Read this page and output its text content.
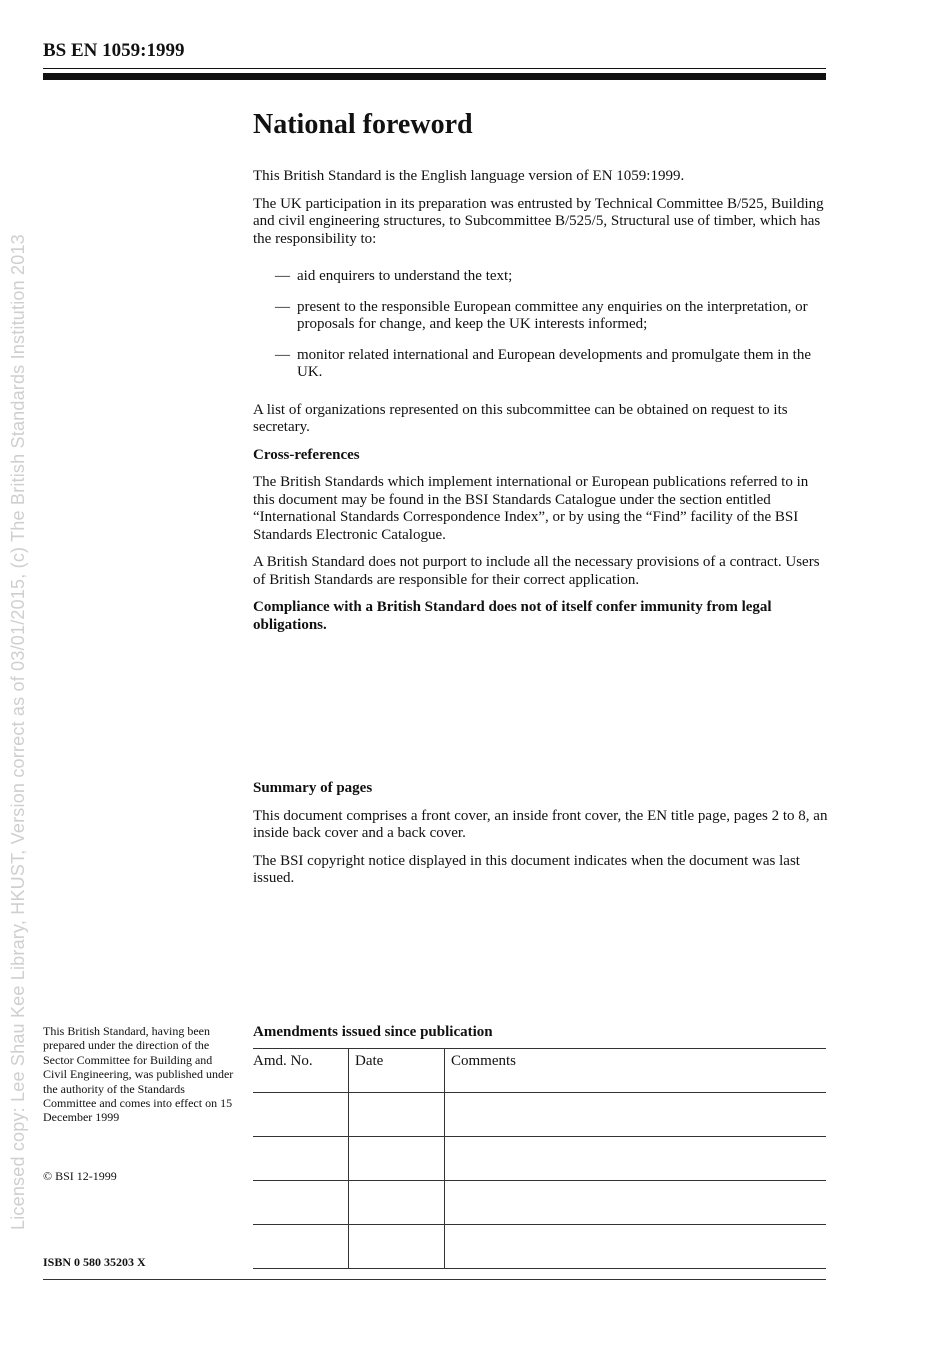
BS EN 1059:1999
Licensed copy: Lee Shau Kee Library, HKUST, Version correct as of 03/01/2015, (c) The British Standards Institution 2013
National foreword

This British Standard is the English language version of EN 1059:1999.

The UK participation in its preparation was entrusted by Technical Committee B/525, Building and civil engineering structures, to Subcommittee B/525/5, Structural use of timber, which has the responsibility to:

— aid enquirers to understand the text;
— present to the responsible European committee any enquiries on the interpretation, or proposals for change, and keep the UK interests informed;
— monitor related international and European developments and promulgate them in the UK.

A list of organizations represented on this subcommittee can be obtained on request to its secretary.

Cross-references

The British Standards which implement international or European publications referred to in this document may be found in the BSI Standards Catalogue under the section entitled “International Standards Correspondence Index”, or by using the “Find” facility of the BSI Standards Electronic Catalogue.

A British Standard does not purport to include all the necessary provisions of a contract. Users of British Standards are responsible for their correct application.

Compliance with a British Standard does not of itself confer immunity from legal obligations.

Summary of pages

This document comprises a front cover, an inside front cover, the EN title page, pages 2 to 8, an inside back cover and a back cover.

The BSI copyright notice displayed in this document indicates when the document was last issued.

This British Standard, having been prepared under the direction of the Sector Committee for Building and Civil Engineering, was published under the authority of the Standards Committee and comes into effect on 15 December 1999
© BSI 12-1999
ISBN 0 580 35203 X
Amendments issued since publication
Amd. No.	Date	Comments
